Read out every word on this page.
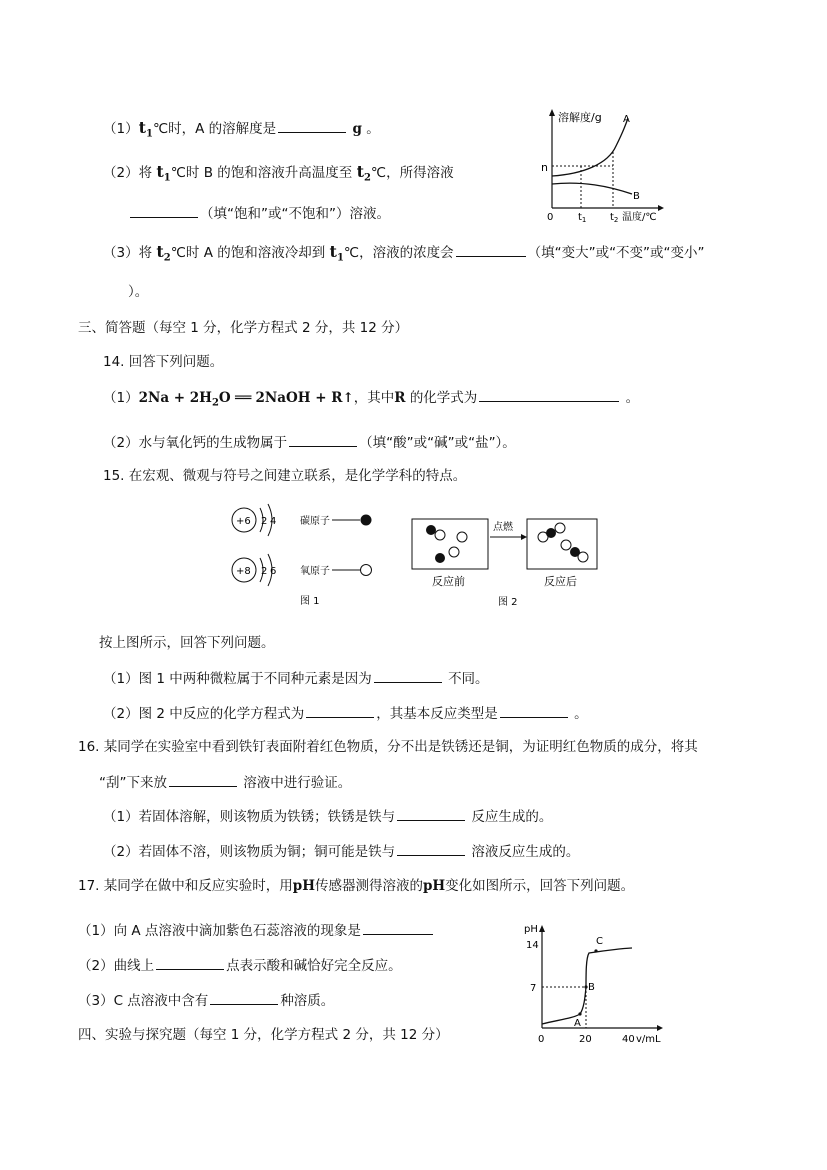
$(1)t_1℃$时，A 的溶解度是	g 。
（2）将 $t_1℃$时 B 的饱和溶液升高温度至 $t_2℃$，所得溶液
（填“饱和”或“不饱和”）溶液。
（3）将 $t_2℃$时 A 的饱和溶液冷却到 $t_1℃$，溶液的浓度会	（填“变大”或“不变”或“变小”
）。
溶解度/g A
B
n
0 $t_1$ $t_2$ 温度/℃
三、简答题（每空 1 分，化学方程式 2 分，共 12 分）
14. 回答下列问题。
$(1)2Na + 2H_2O$ ══ 2NaOH + R↑，其中R 的化学式为	。
（2）水与氧化钙的生成物属于	（填“酸”或“碱”或“盐”）。
15. 在宏观、微观与符号之间建立联系，是化学学科的特点。
+6 2 4 碳原子
+8 2 6 氧原子
图 1
点燃
反应前	反应后
图 2
按上图所示，回答下列问题。
（1）图 1 中两种微粒属于不同种元素是因为	不同。
（2）图 2 中反应的化学方程式为	，其基本反应类型是	。
16. 某同学在实验室中看到铁钉表面附着红色物质，分不出是铁锈还是铜，为证明红色物质的成分，将其
“刮”下来放	溶液中进行验证。
（1）若固体溶解，则该物质为铁锈；铁锈是铁与	反应生成的。
（2）若固体不溶，则该物质为铜；铜可能是铁与	溶液反应生成的。
17. 某同学在做中和反应实验时，用pH传感器测得溶液的pH变化如图所示，回答下列问题。
（1）向 A 点溶液中滴加紫色石蕊溶液的现象是
（2）曲线上	点表示酸和碱恰好完全反应。
（3）C 点溶液中含有	种溶质。
pH
14
7
A
B
C
0	20	40 v/mL
四、实验与探究题（每空 1 分，化学方程式 2 分，共 12 分）
